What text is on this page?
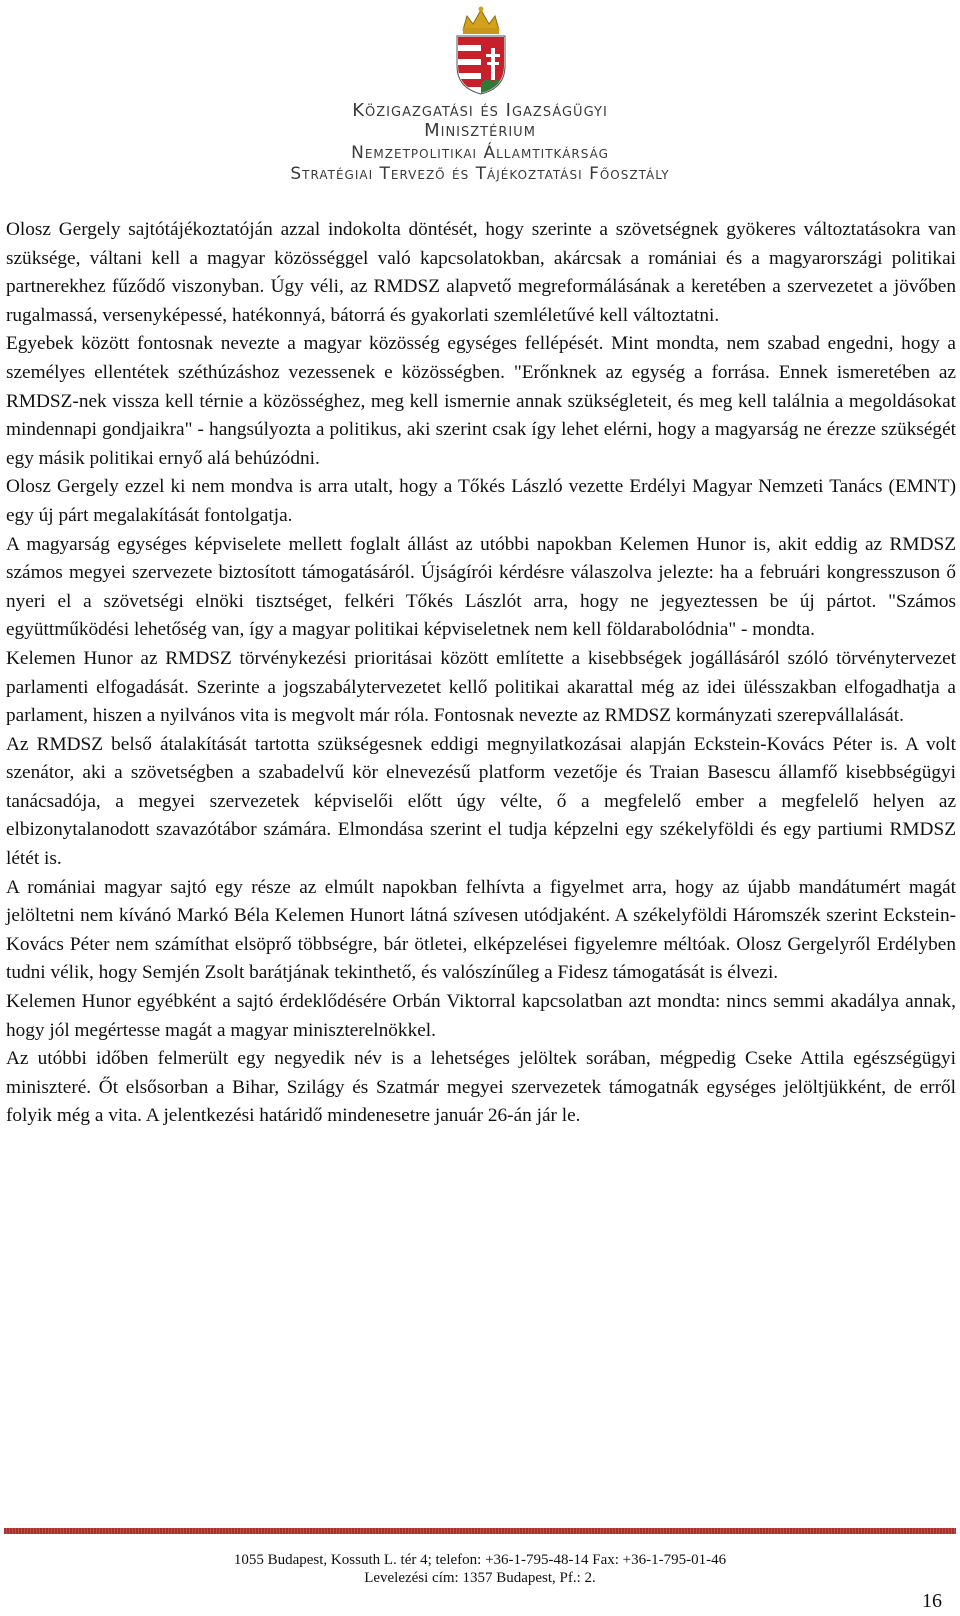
Közigazgatási és Igazságügyi
Minisztérium
Nemzetpolitikai Államtitkárság
Stratégiai Tervező és Tájékoztatási Főosztály

Olosz Gergely sajtótájékoztatóján azzal indokolta döntését, hogy szerinte a szövetségnek gyökeres változtatásokra van szüksége, váltani kell a magyar közösséggel való kapcsolatokban, akárcsak a romániai és a magyarországi politikai partnerekhez fűződő viszonyban. Úgy véli, az RMDSZ alapvető megreformálásának a keretében a szervezetet a jövőben rugalmassá, versenyképessé, hatékonnyá, bátorrá és gyakorlati szemléletűvé kell változtatni.

Egyebek között fontosnak nevezte a magyar közösség egységes fellépését. Mint mondta, nem szabad engedni, hogy a személyes ellentétek széthúzáshoz vezessenek e közösségben. "Erőnknek az egység a forrása. Ennek ismeretében az RMDSZ-nek vissza kell térnie a közösséghez, meg kell ismernie annak szükségleteit, és meg kell találnia a megoldásokat mindennapi gondjaikra" - hangsúlyozta a politikus, aki szerint csak így lehet elérni, hogy a magyarság ne érezze szükségét egy másik politikai ernyő alá behúzódni.

Olosz Gergely ezzel ki nem mondva is arra utalt, hogy a Tőkés László vezette Erdélyi Magyar Nemzeti Tanács (EMNT) egy új párt megalakítását fontolgatja.

A magyarság egységes képviselete mellett foglalt állást az utóbbi napokban Kelemen Hunor is, akit eddig az RMDSZ számos megyei szervezete biztosított támogatásáról. Újságírói kérdésre válaszolva jelezte: ha a februári kongresszuson ő nyeri el a szövetségi elnöki tisztséget, felkéri Tőkés Lászlót arra, hogy ne jegyeztessen be új pártot. "Számos együttműködési lehetőség van, így a magyar politikai képviseletnek nem kell földarabolódnia" - mondta.

Kelemen Hunor az RMDSZ törvénykezési prioritásai között említette a kisebbségek jogállásáról szóló törvénytervezet parlamenti elfogadását. Szerinte a jogszabálytervezetet kellő politikai akarattal még az idei ülésszakban elfogadhatja a parlament, hiszen a nyilvános vita is megvolt már róla. Fontosnak nevezte az RMDSZ kormányzati szerepvállalását.

Az RMDSZ belső átalakítását tartotta szükségesnek eddigi megnyilatkozásai alapján Eckstein-Kovács Péter is. A volt szenátor, aki a szövetségben a szabadelvű kör elnevezésű platform vezetője és Traian Basescu államfő kisebbségügyi tanácsadója, a megyei szervezetek képviselői előtt úgy vélte, ő a megfelelő ember a megfelelő helyen az elbizonytalanodott szavazótábor számára. Elmondása szerint el tudja képzelni egy székelyföldi és egy partiumi RMDSZ létét is.

A romániai magyar sajtó egy része az elmúlt napokban felhívta a figyelmet arra, hogy az újabb mandátumért magát jelöltetni nem kívánó Markó Béla Kelemen Hunort látná szívesen utódjaként. A székelyföldi Háromszék szerint Eckstein-Kovács Péter nem számíthat elsöprő többségre, bár ötletei, elképzelései figyelemre méltóak. Olosz Gergelyről Erdélyben tudni vélik, hogy Semjén Zsolt barátjának tekinthető, és valószínűleg a Fidesz támogatását is élvezi.

Kelemen Hunor egyébként a sajtó érdeklődésére Orbán Viktorral kapcsolatban azt mondta: nincs semmi akadálya annak, hogy jól megértesse magát a magyar miniszterelnökkel.

Az utóbbi időben felmerült egy negyedik név is a lehetséges jelöltek sorában, mégpedig Cseke Attila egészségügyi miniszteré. Őt elsősorban a Bihar, Szilágy és Szatmár megyei szervezetek támogatnák egységes jelöltjükként, de erről folyik még a vita. A jelentkezési határidő mindenesetre január 26-án jár le.

1055 Budapest, Kossuth L. tér 4; telefon: +36-1-795-48-14 Fax: +36-1-795-01-46
Levelezési cím: 1357 Budapest, Pf.: 2.
16
